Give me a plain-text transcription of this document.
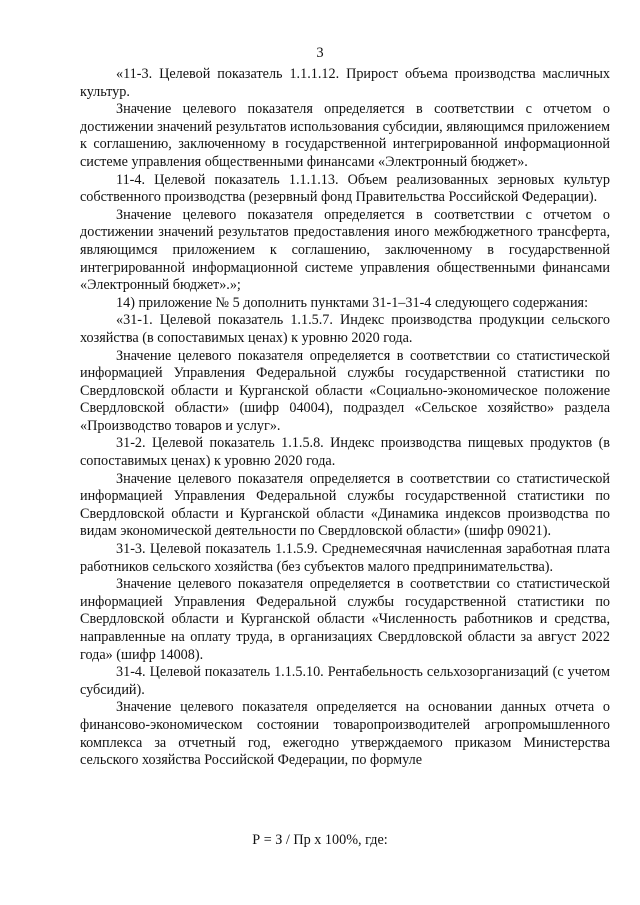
3

«11-3. Целевой показатель 1.1.1.12. Прирост объема производства масличных культур.

Значение целевого показателя определяется в соответствии с отчетом о достижении значений результатов использования субсидии, являющимся приложением к соглашению, заключенному в государственной интегрированной информационной системе управления общественными финансами «Электронный бюджет».

11-4. Целевой показатель 1.1.1.13. Объем реализованных зерновых культур собственного производства (резервный фонд Правительства Российской Федерации).

Значение целевого показателя определяется в соответствии с отчетом о достижении значений результатов предоставления иного межбюджетного трансферта, являющимся приложением к соглашению, заключенному в государственной интегрированной информационной системе управления общественными финансами «Электронный бюджет».»;

14) приложение № 5 дополнить пунктами 31-1–31-4 следующего содержания:

«31-1. Целевой показатель 1.1.5.7. Индекс производства продукции сельского хозяйства (в сопоставимых ценах) к уровню 2020 года.

Значение целевого показателя определяется в соответствии со статистической информацией Управления Федеральной службы государственной статистики по Свердловской области и Курганской области «Социально-экономическое положение Свердловской области» (шифр 04004), подраздел «Сельское хозяйство» раздела «Производство товаров и услуг».

31-2. Целевой показатель 1.1.5.8. Индекс производства пищевых продуктов (в сопоставимых ценах) к уровню 2020 года.

Значение целевого показателя определяется в соответствии со статистической информацией Управления Федеральной службы государственной статистики по Свердловской области и Курганской области «Динамика индексов производства по видам экономической деятельности по Свердловской области» (шифр 09021).

31-3. Целевой показатель 1.1.5.9. Среднемесячная начисленная заработная плата работников сельского хозяйства (без субъектов малого предпринимательства).

Значение целевого показателя определяется в соответствии со статистической информацией Управления Федеральной службы государственной статистики по Свердловской области и Курганской области «Численность работников и средства, направленные на оплату труда, в организациях Свердловской области за август 2022 года» (шифр 14008).

31-4. Целевой показатель 1.1.5.10. Рентабельность сельхозорганизаций (с учетом субсидий).

Значение целевого показателя определяется на основании данных отчета о финансово-экономическом состоянии товаропроизводителей агропромышленного комплекса за отчетный год, ежегодно утверждаемого приказом Министерства сельского хозяйства Российской Федерации, по формуле

Р = З / Пр x 100%, где:
